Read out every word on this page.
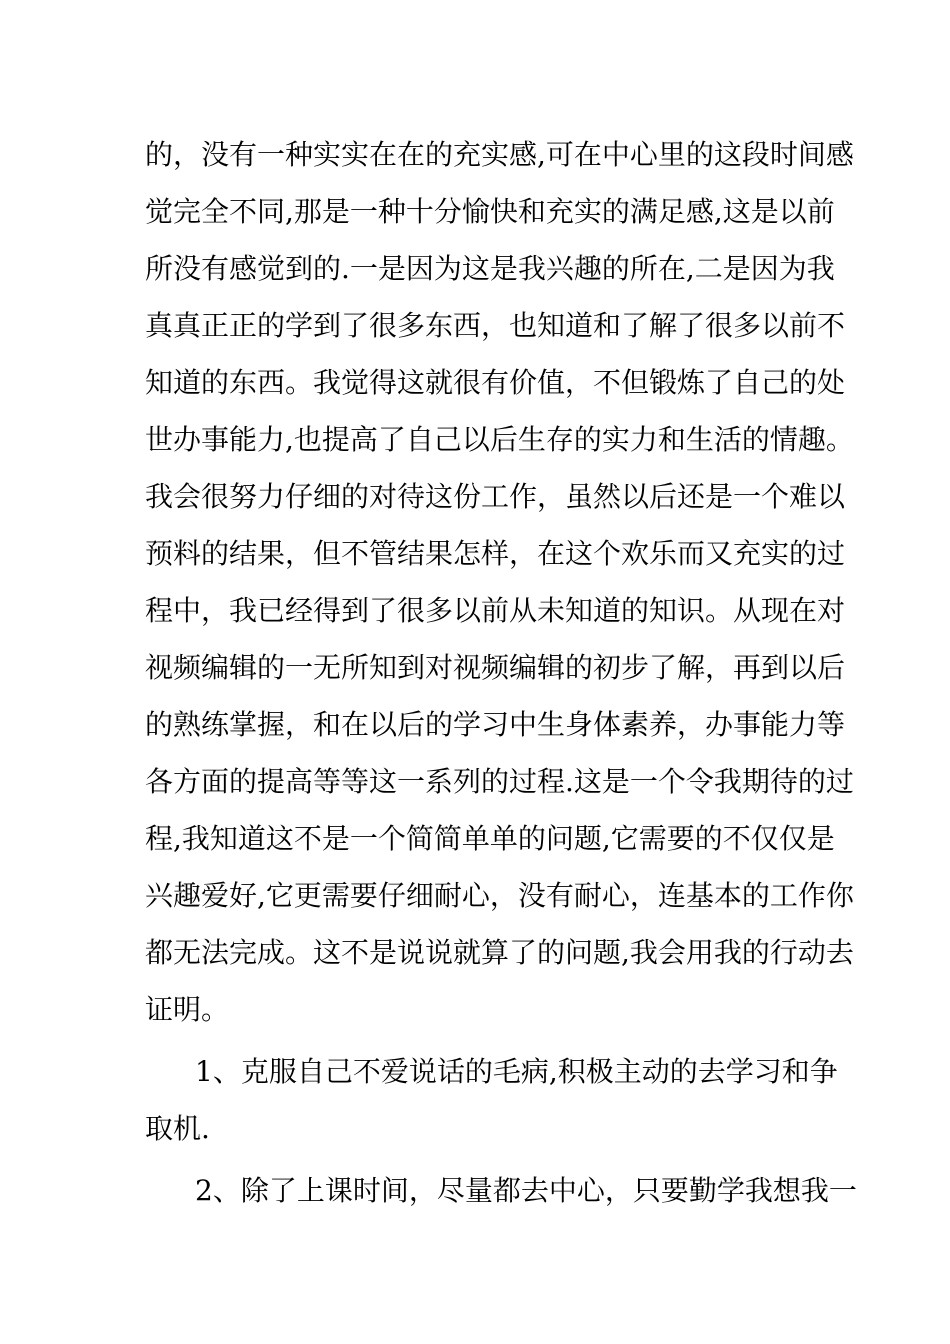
的，没有一种实实在在的充实感,可在中心里的这段时间感
觉完全不同,那是一种十分愉快和充实的满足感,这是以前
所没有感觉到的.一是因为这是我兴趣的所在,二是因为我
真真正正的学到了很多东西，也知道和了解了很多以前不
知道的东西。我觉得这就很有价值，不但锻炼了自己的处
世办事能力,也提高了自己以后生存的实力和生活的情趣。
我会很努力仔细的对待这份工作，虽然以后还是一个难以
预料的结果，但不管结果怎样，在这个欢乐而又充实的过
程中，我已经得到了很多以前从未知道的知识。从现在对
视频编辑的一无所知到对视频编辑的初步了解，再到以后
的熟练掌握，和在以后的学习中生身体素养，办事能力等
各方面的提高等等这一系列的过程.这是一个令我期待的过
程,我知道这不是一个简简单单的问题,它需要的不仅仅是
兴趣爱好,它更需要仔细耐心，没有耐心，连基本的工作你
都无法完成。这不是说说就算了的问题,我会用我的行动去
证明。
1、克服自己不爱说话的毛病,积极主动的去学习和争
取机.
2、除了上课时间，尽量都去中心，只要勤学我想我一
